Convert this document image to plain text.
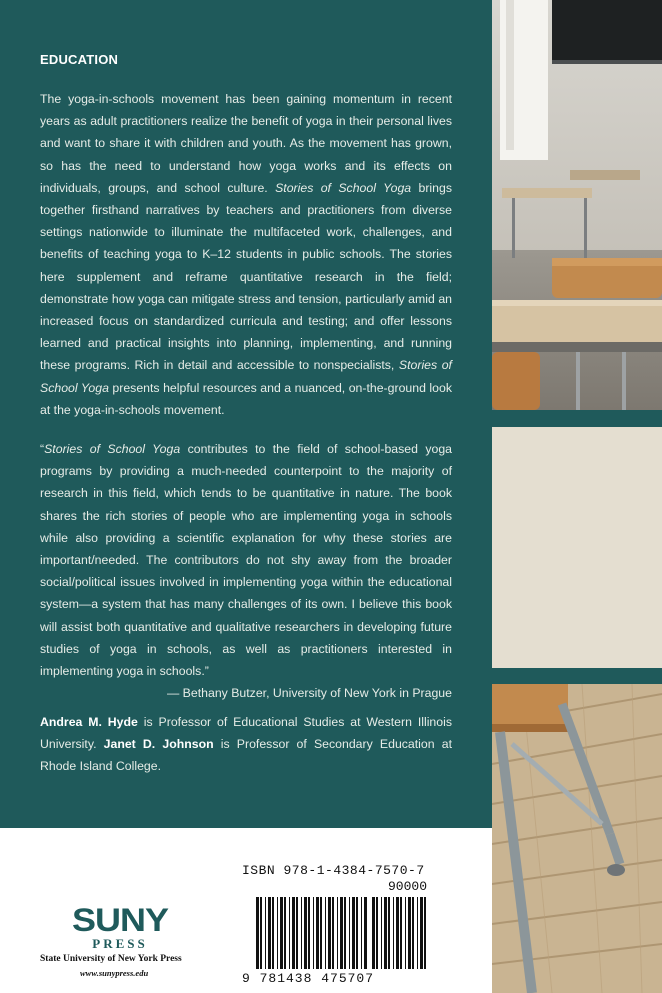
EDUCATION
The yoga-in-schools movement has been gaining momentum in recent years as adult practitioners realize the benefit of yoga in their personal lives and want to share it with children and youth. As the movement has grown, so has the need to understand how yoga works and its effects on individuals, groups, and school culture. Stories of School Yoga brings together firsthand narratives by teachers and practitioners from diverse settings nationwide to illuminate the multifaceted work, challenges, and benefits of teaching yoga to K–12 students in public schools. The stories here supplement and reframe quantitative research in the field; demonstrate how yoga can mitigate stress and tension, particularly amid an increased focus on standardized curricula and testing; and offer lessons learned and practical insights into planning, implementing, and running these programs. Rich in detail and accessible to nonspecialists, Stories of School Yoga presents helpful resources and a nuanced, on-the-ground look at the yoga-in-schools movement.
“Stories of School Yoga contributes to the field of school-based yoga programs by providing a much-needed counterpoint to the majority of research in this field, which tends to be quantitative in nature. The book shares the rich stories of people who are implementing yoga in schools while also providing a scientific explanation for why these stories are important/needed. The contributors do not shy away from the broader social/political issues involved in implementing yoga within the educational system—a system that has many challenges of its own. I believe this book will assist both quantitative and qualitative researchers in developing future studies of yoga in schools, as well as practitioners interested in implementing yoga in schools.”
— Bethany Butzer, University of New York in Prague
Andrea M. Hyde is Professor of Educational Studies at Western Illinois University. Janet D. Johnson is Professor of Secondary Education at Rhode Island College.
SUNY
PRESS
State University of New York Press
www.sunypress.edu
ISBN 978-1-4384-7570-7
90000
9 781438 475707
